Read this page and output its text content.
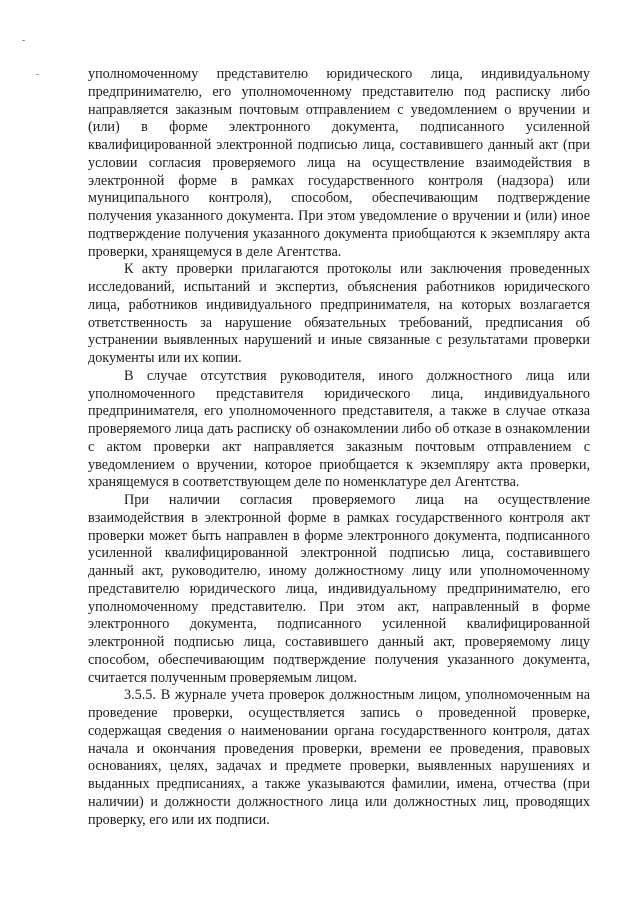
уполномоченному представителю юридического лица, индивидуальному предпринимателю, его уполномоченному представителю под расписку либо направляется заказным почтовым отправлением с уведомлением о вручении и (или) в форме электронного документа, подписанного усиленной квалифицированной электронной подписью лица, составившего данный акт (при условии согласия проверяемого лица на осуществление взаимодействия в электронной форме в рамках государственного контроля (надзора) или муниципального контроля), способом, обеспечивающим подтверждение получения указанного документа. При этом уведомление о вручении и (или) иное подтверждение получения указанного документа приобщаются к экземпляру акта проверки, хранящемуся в деле Агентства.

К акту проверки прилагаются протоколы или заключения проведенных исследований, испытаний и экспертиз, объяснения работников юридического лица, работников индивидуального предпринимателя, на которых возлагается ответственность за нарушение обязательных требований, предписания об устранении выявленных нарушений и иные связанные с результатами проверки документы или их копии.

В случае отсутствия руководителя, иного должностного лица или уполномоченного представителя юридического лица, индивидуального предпринимателя, его уполномоченного представителя, а также в случае отказа проверяемого лица дать расписку об ознакомлении либо об отказе в ознакомлении с актом проверки акт направляется заказным почтовым отправлением с уведомлением о вручении, которое приобщается к экземпляру акта проверки, хранящемуся в соответствующем деле по номенклатуре дел Агентства.

При наличии согласия проверяемого лица на осуществление взаимодействия в электронной форме в рамках государственного контроля акт проверки может быть направлен в форме электронного документа, подписанного усиленной квалифицированной электронной подписью лица, составившего данный акт, руководителю, иному должностному лицу или уполномоченному представителю юридического лица, индивидуальному предпринимателю, его уполномоченному представителю. При этом акт, направленный в форме электронного документа, подписанного усиленной квалифицированной электронной подписью лица, составившего данный акт, проверяемому лицу способом, обеспечивающим подтверждение получения указанного документа, считается полученным проверяемым лицом.

3.5.5. В журнале учета проверок должностным лицом, уполномоченным на проведение проверки, осуществляется запись о проведенной проверке, содержащая сведения о наименовании органа государственного контроля, датах начала и окончания проведения проверки, времени ее проведения, правовых основаниях, целях, задачах и предмете проверки, выявленных нарушениях и выданных предписаниях, а также указываются фамилии, имена, отчества (при наличии) и должности должностного лица или должностных лиц, проводящих проверку, его или их подписи.
